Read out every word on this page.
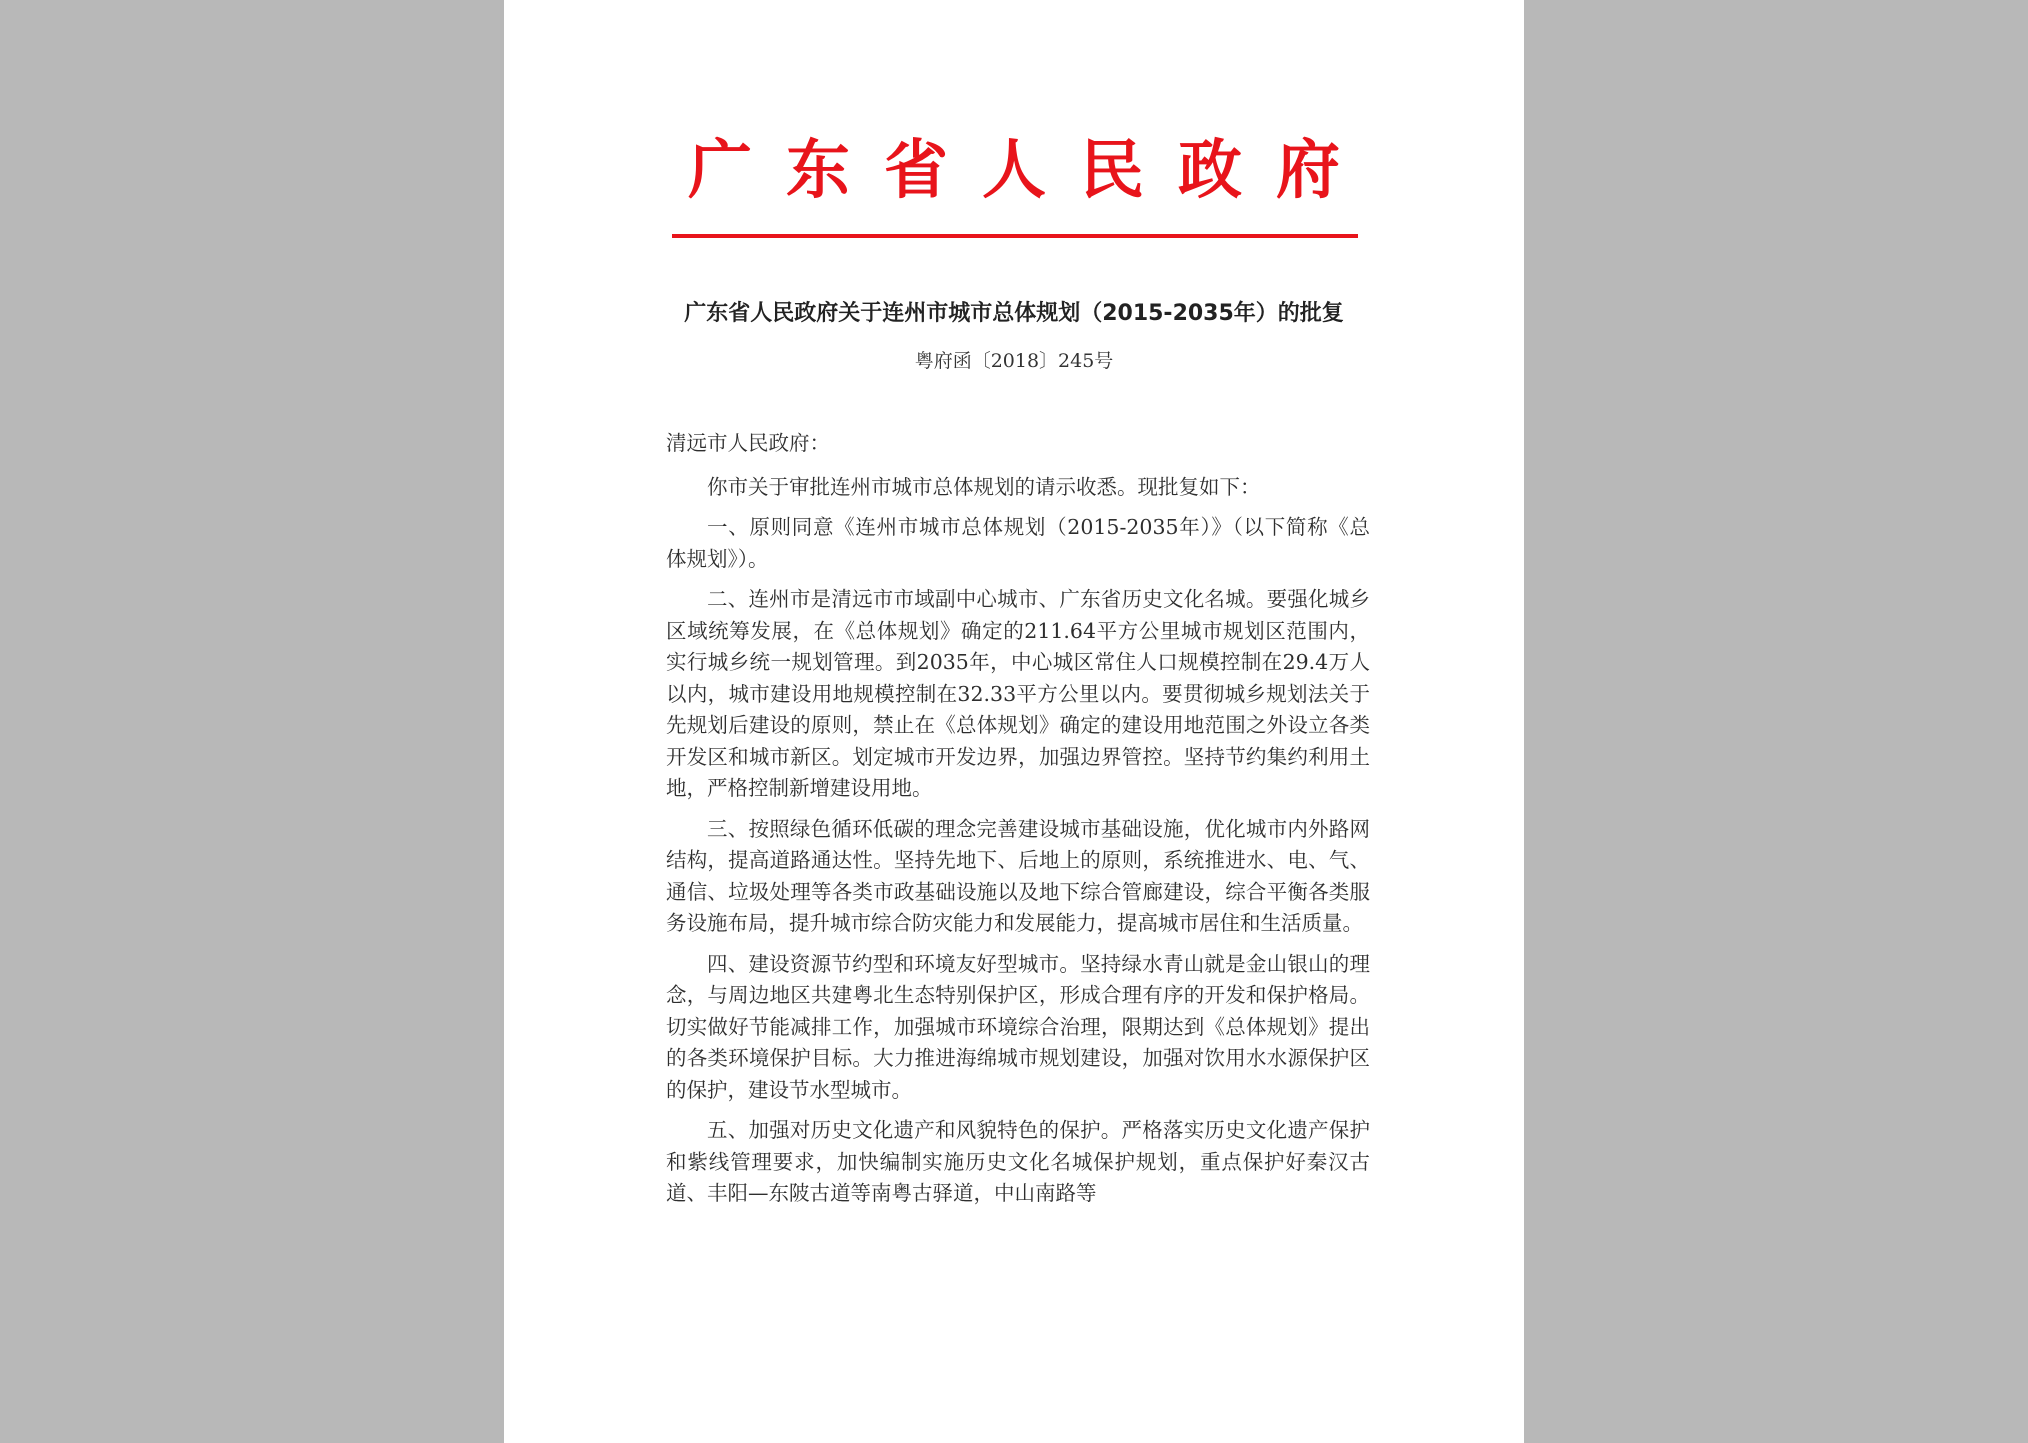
广东省人民政府
广东省人民政府关于连州市城市总体规划（2015-2035年）的批复
粤府函〔2018〕245号

清远市人民政府：

你市关于审批连州市城市总体规划的请示收悉。现批复如下：

一、原则同意《连州市城市总体规划（2015-2035年）》（以下简称《总体规划》）。

二、连州市是清远市市域副中心城市、广东省历史文化名城。要强化城乡区域统筹发展，在《总体规划》确定的211.64平方公里城市规划区范围内，实行城乡统一规划管理。到2035年，中心城区常住人口规模控制在29.4万人以内，城市建设用地规模控制在32.33平方公里以内。要贯彻城乡规划法关于先规划后建设的原则，禁止在《总体规划》确定的建设用地范围之外设立各类开发区和城市新区。划定城市开发边界，加强边界管控。坚持节约集约利用土地，严格控制新增建设用地。

三、按照绿色循环低碳的理念完善建设城市基础设施，优化城市内外路网结构，提高道路通达性。坚持先地下、后地上的原则，系统推进水、电、气、通信、垃圾处理等各类市政基础设施以及地下综合管廊建设，综合平衡各类服务设施布局，提升城市综合防灾能力和发展能力，提高城市居住和生活质量。

四、建设资源节约型和环境友好型城市。坚持绿水青山就是金山银山的理念，与周边地区共建粤北生态特别保护区，形成合理有序的开发和保护格局。切实做好节能减排工作，加强城市环境综合治理，限期达到《总体规划》提出的各类环境保护目标。大力推进海绵城市规划建设，加强对饮用水水源保护区的保护，建设节水型城市。

五、加强对历史文化遗产和风貌特色的保护。严格落实历史文化遗产保护和紫线管理要求，加快编制实施历史文化名城保护规划，重点保护好秦汉古道、丰阳—东陂古道等南粤古驿道，中山南路等
